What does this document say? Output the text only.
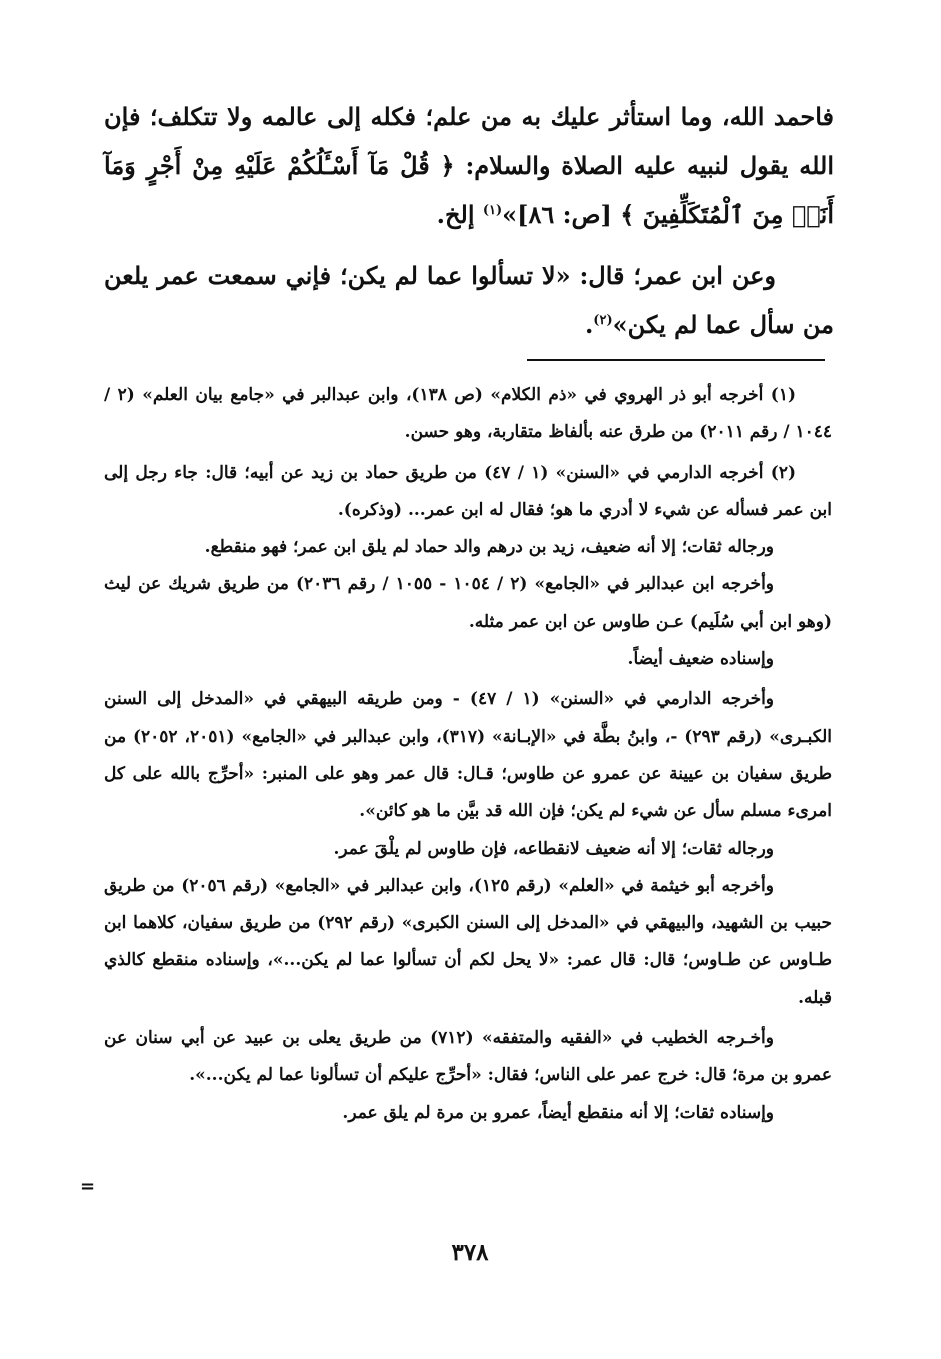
فاحمد الله، وما استأثر عليك به من علم؛ فكله إلى عالمه ولا تتكلف؛ فإن الله يقول لنبيه عليه الصلاة والسلام: ﴿ قُلْ مَآ أَسْـَٔلُكُمْ عَلَيْهِ مِنْ أَجْرٍ وَمَآ أَنَا۠ مِنَ ٱلْمُتَكَلِّفِينَ ﴾ [ص: ٨٦]»$^{(١)}$ إلخ.

وعن ابن عمر؛ قال: «لا تسألوا عما لم يكن؛ فإني سمعت عمر يلعن من سأل عما لم يكن»$^{(٢)}$.

(١) أخرجه أبو ذر الهروي في «ذم الكلام» (ص ١٣٨)، وابن عبدالبر في «جامع بيان العلم» (٢ / ١٠٤٤ / رقم ٢٠١١) من طرق عنه بألفاظ متقاربة، وهو حسن.

(٢) أخرجه الدارمي في «السنن» (١ / ٤٧) من طريق حماد بن زيد عن أبيه؛ قال: جاء رجل إلى ابن عمر فسأله عن شيء لا أدري ما هو؛ فقال له ابن عمر... (وذكره).

ورجاله ثقات؛ إلا أنه ضعيف، زيد بن درهم والد حماد لم يلق ابن عمر؛ فهو منقطع.

وأخرجه ابن عبدالبر في «الجامع» (٢ / ١٠٥٤ - ١٠٥٥ / رقم ٢٠٣٦) من طريق شريك عن ليث (وهو ابن أبي سُلَيم) عـن طاوس عن ابن عمر مثله.

وإسناده ضعيف أيضاً.

وأخرجه الدارمي في «السنن» (١ / ٤٧) - ومن طريقه البيهقي في «المدخل إلى السنن الكبـرى» (رقم ٢٩٣) -، وابنُ بطَّة في «الإبـانة» (٣١٧)، وابن عبدالبر في «الجامع» (٢٠٥١، ٢٠٥٢) من طريق سفيان بن عيينة عن عمرو عن طاوس؛ قـال: قال عمر وهو على المنبر: «أحرِّج بالله على كل امرىء مسلم سأل عن شيء لم يكن؛ فإن الله قد بيَّن ما هو كائن».

ورجاله ثقات؛ إلا أنه ضعيف لانقطاعه، فإن طاوس لم يلْقَ عمر.

وأخرجه أبو خيثمة في «العلم» (رقم ١٢٥)، وابن عبدالبر في «الجامع» (رقم ٢٠٥٦) من طريق حبيب بن الشهيد، والبيهقي في «المدخل إلى السنن الكبرى» (رقم ٢٩٢) من طريق سفيان، كلاهما ابن طـاوس عن طـاوس؛ قال: قال عمر: «لا يحل لكم أن تسألوا عما لم يكن...»، وإسناده منقطع كالذي قبله.

وأخـرجه الخطيب في «الفقيه والمتفقه» (٧١٢) من طريق يعلى بن عبيد عن أبي سنان عن عمرو بن مرة؛ قال: خرج عمر على الناس؛ فقال: «أحرِّج عليكم أن تسألونا عما لم يكن...».

وإسناده ثقات؛ إلا أنه منقطع أيضاً، عمرو بن مرة لم يلق عمر.

=
٣٧٨
